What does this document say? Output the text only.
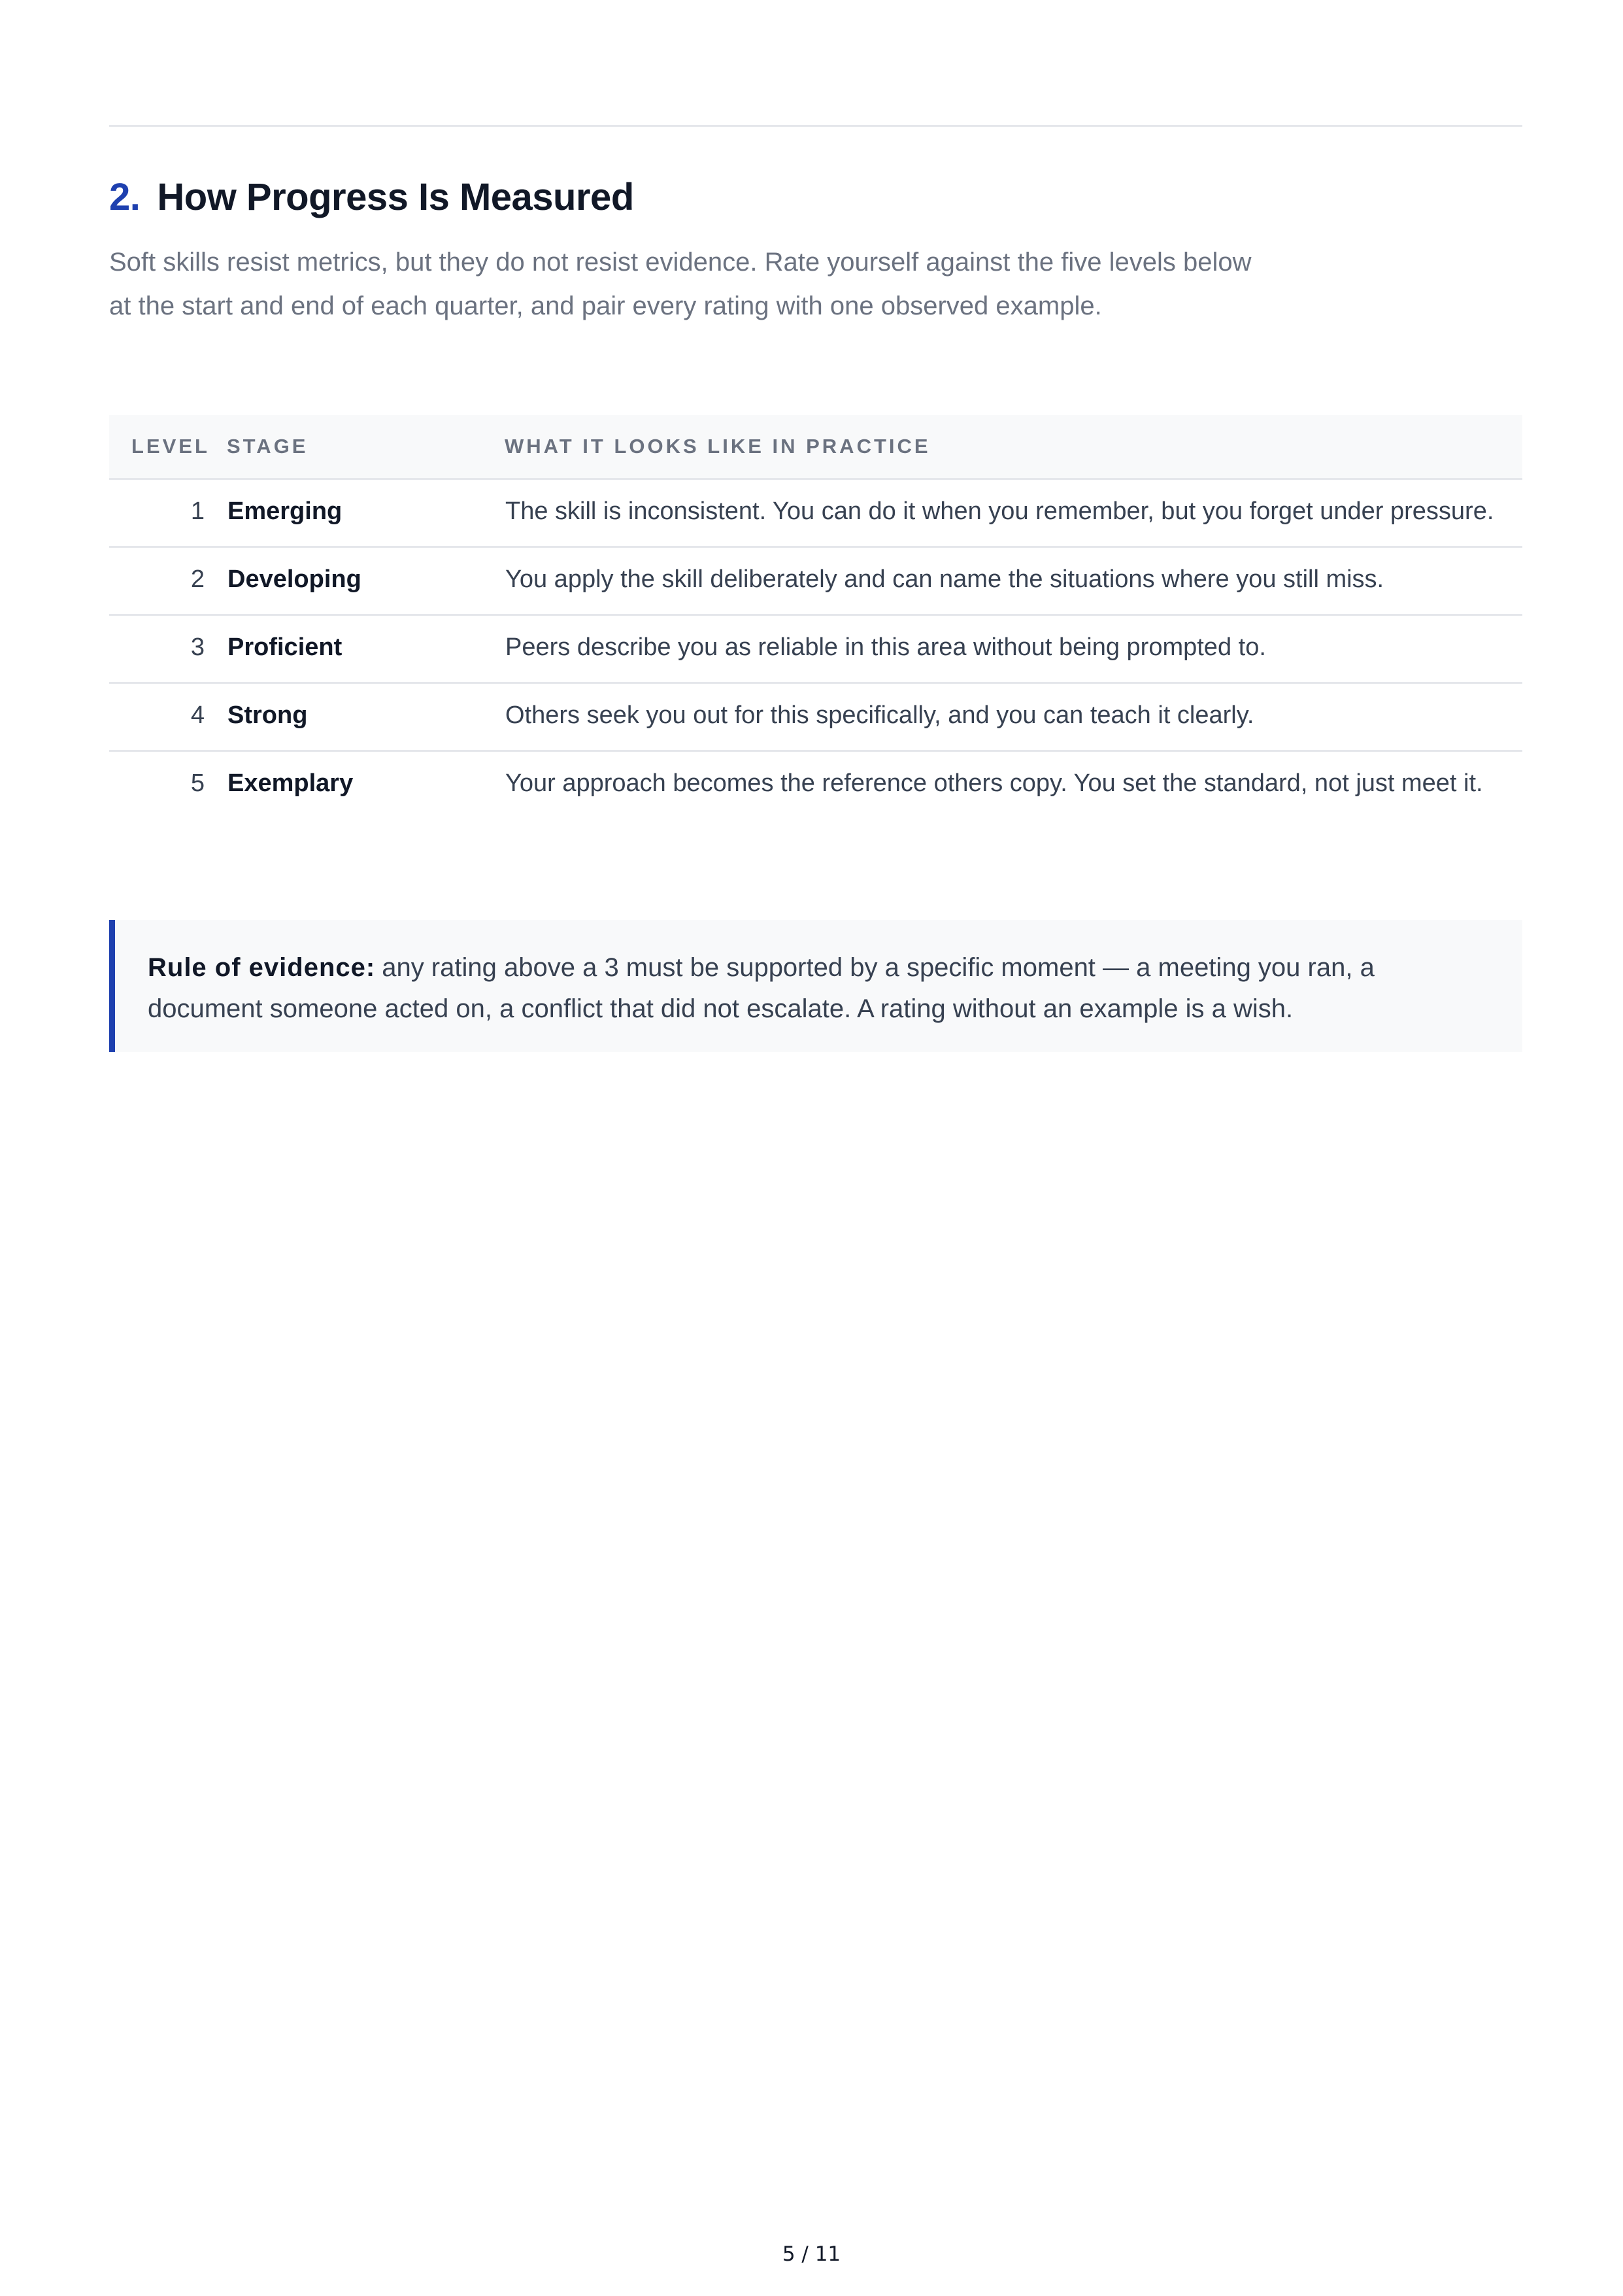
2. How Progress Is Measured

Soft skills resist metrics, but they do not resist evidence. Rate yourself against the five levels below at the start and end of each quarter, and pair every rating with one observed example.

LEVEL	STAGE	WHAT IT LOOKS LIKE IN PRACTICE
1	Emerging	The skill is inconsistent. You can do it when you remember, but you forget under pressure.
2	Developing	You apply the skill deliberately and can name the situations where you still miss.
3	Proficient	Peers describe you as reliable in this area without being prompted to.
4	Strong	Others seek you out for this specifically, and you can teach it clearly.
5	Exemplary	Your approach becomes the reference others copy. You set the standard, not just meet it.

Rule of evidence: any rating above a 3 must be supported by a specific moment — a meeting you ran, a document someone acted on, a conflict that did not escalate. A rating without an example is a wish.

5 / 11
